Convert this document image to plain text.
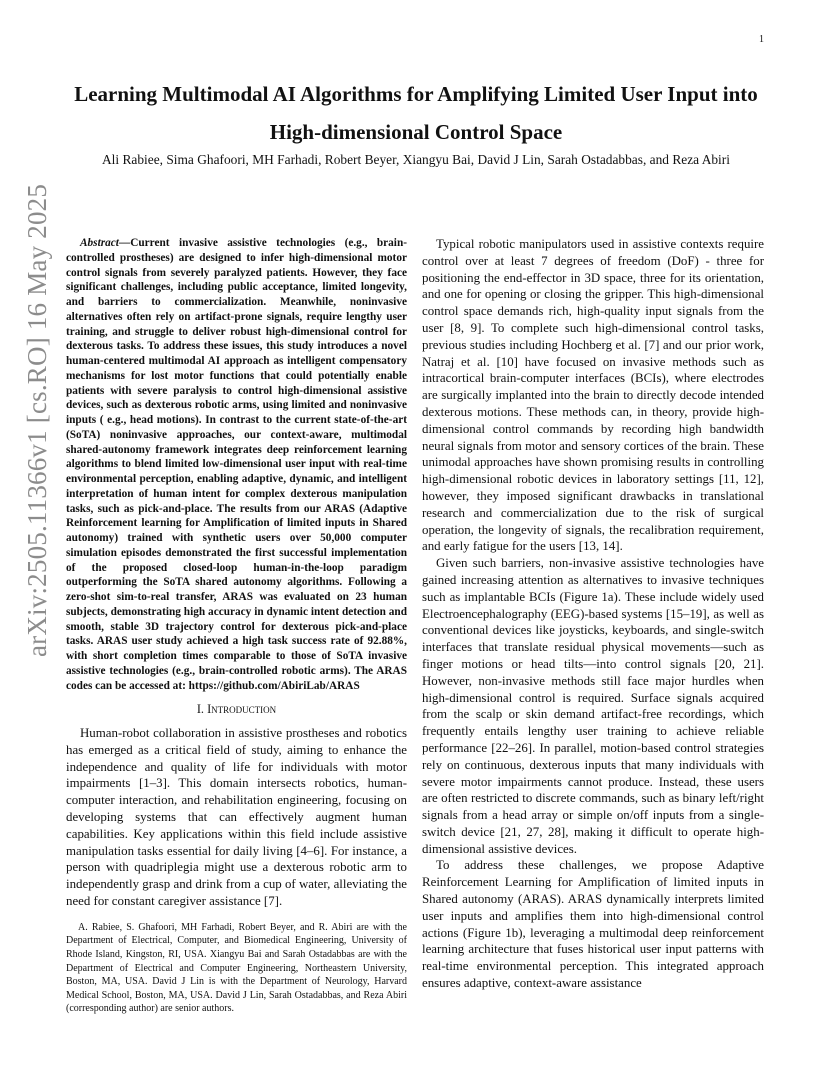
1
arXiv:2505.11366v1 [cs.RO] 16 May 2025
Learning Multimodal AI Algorithms for Amplifying Limited User Input into High-dimensional Control Space

Ali Rabiee, Sima Ghafoori, MH Farhadi, Robert Beyer, Xiangyu Bai, David J Lin, Sarah Ostadabbas, and Reza Abiri

Abstract—Current invasive assistive technologies (e.g., brain-controlled prostheses) are designed to infer high-dimensional motor control signals from severely paralyzed patients. However, they face significant challenges, including public acceptance, limited longevity, and barriers to commercialization. Meanwhile, noninvasive alternatives often rely on artifact-prone signals, require lengthy user training, and struggle to deliver robust high-dimensional control for dexterous tasks. To address these issues, this study introduces a novel human-centered multimodal AI approach as intelligent compensatory mechanisms for lost motor functions that could potentially enable patients with severe paralysis to control high-dimensional assistive devices, such as dexterous robotic arms, using limited and noninvasive inputs ( e.g., head motions). In contrast to the current state-of-the-art (SoTA) noninvasive approaches, our context-aware, multimodal shared-autonomy framework integrates deep reinforcement learning algorithms to blend limited low-dimensional user input with real-time environmental perception, enabling adaptive, dynamic, and intelligent interpretation of human intent for complex dexterous manipulation tasks, such as pick-and-place. The results from our ARAS (Adaptive Reinforcement learning for Amplification of limited inputs in Shared autonomy) trained with synthetic users over 50,000 computer simulation episodes demonstrated the first successful implementation of the proposed closed-loop human-in-the-loop paradigm outperforming the SoTA shared autonomy algorithms. Following a zero-shot sim-to-real transfer, ARAS was evaluated on 23 human subjects, demonstrating high accuracy in dynamic intent detection and smooth, stable 3D trajectory control for dexterous pick-and-place tasks. ARAS user study achieved a high task success rate of 92.88%, with short completion times comparable to those of SoTA invasive assistive technologies (e.g., brain-controlled robotic arms). The ARAS codes can be accessed at: https://github.com/AbiriLab/ARAS

I. Introduction

Human-robot collaboration in assistive prostheses and robotics has emerged as a critical field of study, aiming to enhance the independence and quality of life for individuals with motor impairments [1–3]. This domain intersects robotics, human-computer interaction, and rehabilitation engineering, focusing on developing systems that can effectively augment human capabilities. Key applications within this field include assistive manipulation tasks essential for daily living [4–6]. For instance, a person with quadriplegia might use a dexterous robotic arm to independently grasp and drink from a cup of water, alleviating the need for constant caregiver assistance [7].

A. Rabiee, S. Ghafoori, MH Farhadi, Robert Beyer, and R. Abiri are with the Department of Electrical, Computer, and Biomedical Engineering, University of Rhode Island, Kingston, RI, USA. Xiangyu Bai and Sarah Ostadabbas are with the Department of Electrical and Computer Engineering, Northeastern University, Boston, MA, USA. David J Lin is with the Department of Neurology, Harvard Medical School, Boston, MA, USA. David J Lin, Sarah Ostadabbas, and Reza Abiri (corresponding author) are senior authors.

Typical robotic manipulators used in assistive contexts require control over at least 7 degrees of freedom (DoF) - three for positioning the end-effector in 3D space, three for its orientation, and one for opening or closing the gripper. This high-dimensional control space demands rich, high-quality input signals from the user [8, 9]. To complete such high-dimensional control tasks, previous studies including Hochberg et al. [7] and our prior work, Natraj et al. [10] have focused on invasive methods such as intracortical brain-computer interfaces (BCIs), where electrodes are surgically implanted into the brain to directly decode intended dexterous motions. These methods can, in theory, provide high-dimensional control commands by recording high bandwidth neural signals from motor and sensory cortices of the brain. These unimodal approaches have shown promising results in controlling high-dimensional robotic devices in laboratory settings [11, 12], however, they imposed significant drawbacks in translational research and commercialization due to the risk of surgical operation, the longevity of signals, the recalibration requirement, and early fatigue for the users [13, 14].

Given such barriers, non-invasive assistive technologies have gained increasing attention as alternatives to invasive techniques such as implantable BCIs (Figure 1a). These include widely used Electroencephalography (EEG)-based systems [15–19], as well as conventional devices like joysticks, keyboards, and single-switch interfaces that translate residual physical movements—such as finger motions or head tilts—into control signals [20, 21]. However, non-invasive methods still face major hurdles when high-dimensional control is required. Surface signals acquired from the scalp or skin demand artifact-free recordings, which frequently entails lengthy user training to achieve reliable performance [22–26]. In parallel, motion-based control strategies rely on continuous, dexterous inputs that many individuals with severe motor impairments cannot produce. Instead, these users are often restricted to discrete commands, such as binary left/right signals from a head array or simple on/off inputs from a single-switch device [21, 27, 28], making it difficult to operate high-dimensional assistive devices.

To address these challenges, we propose Adaptive Reinforcement Learning for Amplification of limited inputs in Shared autonomy (ARAS). ARAS dynamically interprets limited user inputs and amplifies them into high-dimensional control actions (Figure 1b), leveraging a multimodal deep reinforcement learning architecture that fuses historical user input patterns with real-time environmental perception. This integrated approach ensures adaptive, context-aware assistance
